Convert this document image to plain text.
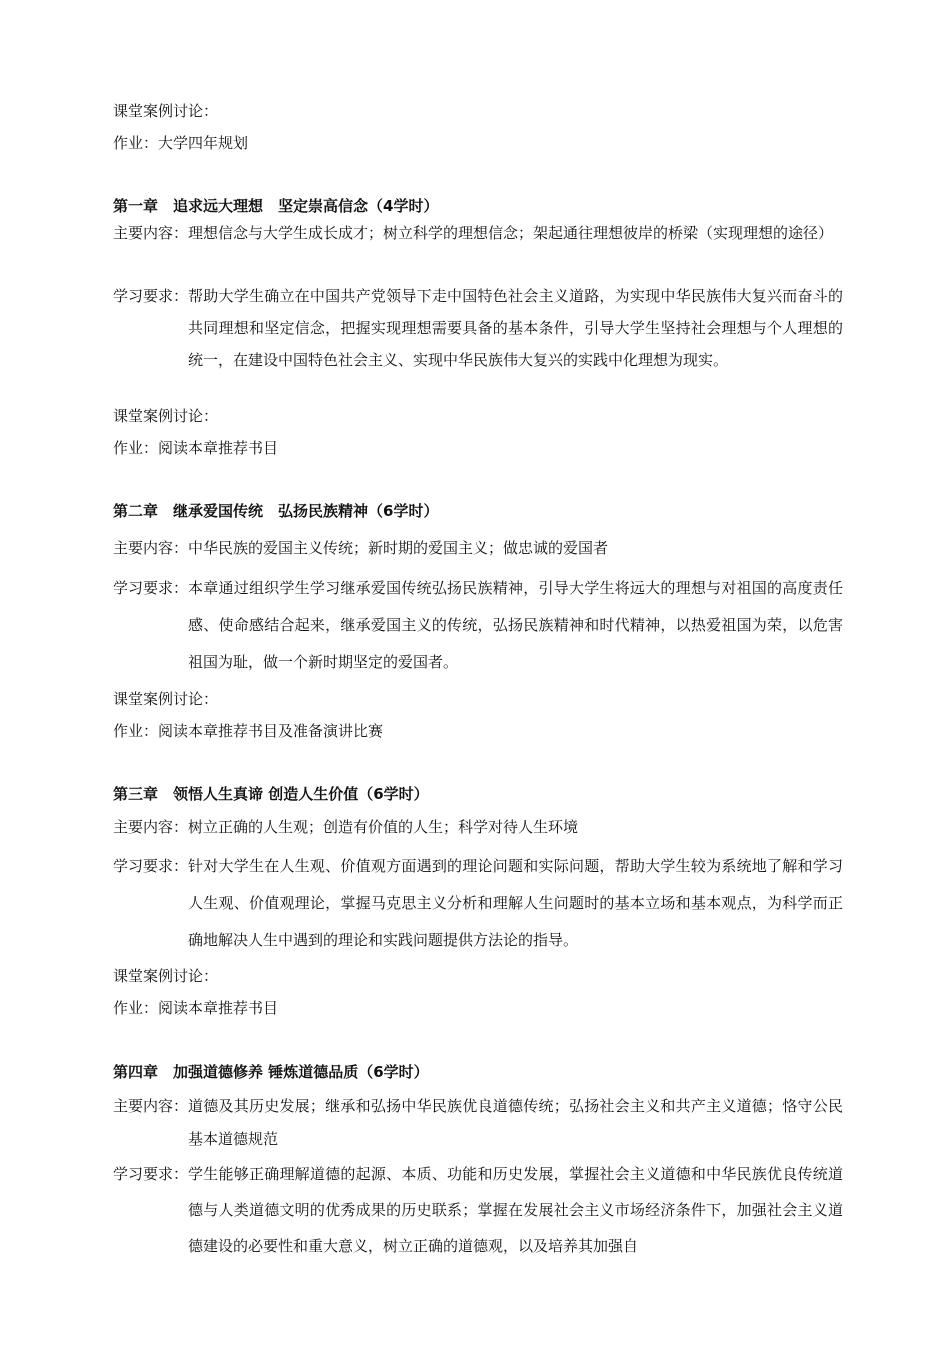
课堂案例讨论：
作业：大学四年规划
第一章　追求远大理想　坚定崇高信念（4学时）
主要内容： 理想信念与大学生成长成才；树立科学的理想信念；架起通往理想彼岸的桥梁（实现理想的途径）
学习要求： 帮助大学生确立在中国共产党领导下走中国特色社会主义道路，为实现中华民族伟大复兴而奋斗的共同理想和坚定信念，把握实现理想需要具备的基本条件，引导大学生坚持社会理想与个人理想的统一，在建设中国特色社会主义、实现中华民族伟大复兴的实践中化理想为现实。
课堂案例讨论：
作业：阅读本章推荐书目
第二章　继承爱国传统　弘扬民族精神（6学时）
主要内容：中华民族的爱国主义传统；新时期的爱国主义；做忠诚的爱国者
学习要求： 本章通过组织学生学习继承爱国传统弘扬民族精神，引导大学生将远大的理想与对祖国的高度责任感、使命感结合起来，继承爱国主义的传统，弘扬民族精神和时代精神，以热爱祖国为荣，以危害祖国为耻，做一个新时期坚定的爱国者。
课堂案例讨论：
作业：阅读本章推荐书目及准备演讲比赛
第三章　领悟人生真谛 创造人生价值（6学时）
主要内容：树立正确的人生观；创造有价值的人生；科学对待人生环境
学习要求： 针对大学生在人生观、价值观方面遇到的理论问题和实际问题，帮助大学生较为系统地了解和学习人生观、价值观理论，掌握马克思主义分析和理解人生问题时的基本立场和基本观点，为科学而正确地解决人生中遇到的理论和实践问题提供方法论的指导。
课堂案例讨论：
作业：阅读本章推荐书目
第四章　加强道德修养 锤炼道德品质（6学时）
主要内容： 道德及其历史发展；继承和弘扬中华民族优良道德传统；弘扬社会主义和共产主义道德；恪守公民基本道德规范
学习要求： 学生能够正确理解道德的起源、本质、功能和历史发展，掌握社会主义道德和中华民族优良传统道德与人类道德文明的优秀成果的历史联系；掌握在发展社会主义市场经济条件下，加强社会主义道德建设的必要性和重大意义，树立正确的道德观，以及培养其加强自
